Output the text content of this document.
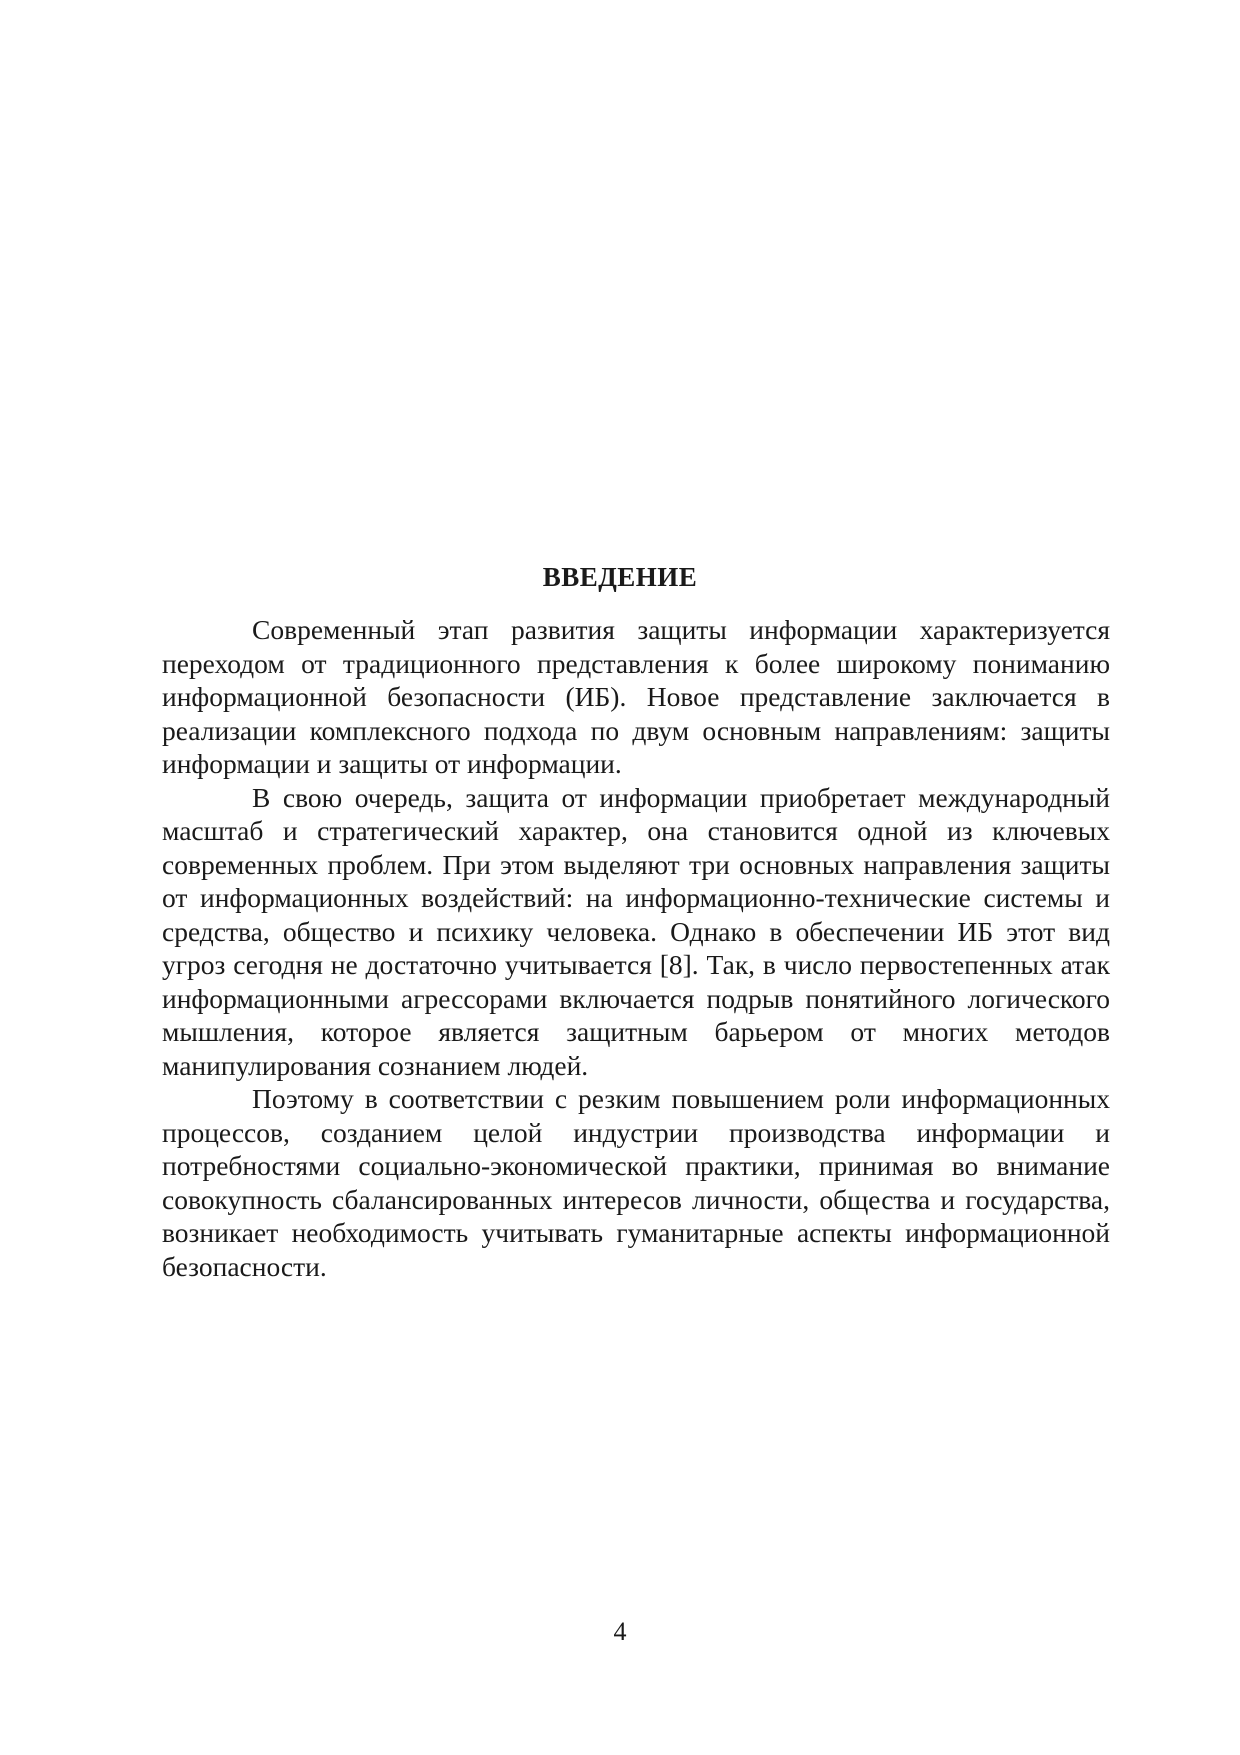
ВВЕДЕНИЕ

Современный этап развития защиты информации характеризуется переходом от традиционного представления к более широкому пониманию информационной безопасности (ИБ). Новое представление заключается в реализации комплексного подхода по двум основным направлениям: защиты информации и защиты от информации.

В свою очередь, защита от информации приобретает международный масштаб и стратегический характер, она становится одной из ключевых современных проблем. При этом выделяют три основных направления защиты от информационных воздействий: на информационно-технические системы и средства, общество и психику человека. Однако в обеспечении ИБ этот вид угроз сегодня не достаточно учитывается [8]. Так, в число первостепенных атак информационными агрессорами включается подрыв понятийного логического мышления, которое является защитным барьером от многих методов манипулирования сознанием людей.

Поэтому в соответствии с резким повышением роли информационных процессов, созданием целой индустрии производства информации и потребностями социально-экономической практики, принимая во внимание совокупность сбалансированных интересов личности, общества и государства, возникает необходимость учитывать гуманитарные аспекты информационной безопасности.

4
